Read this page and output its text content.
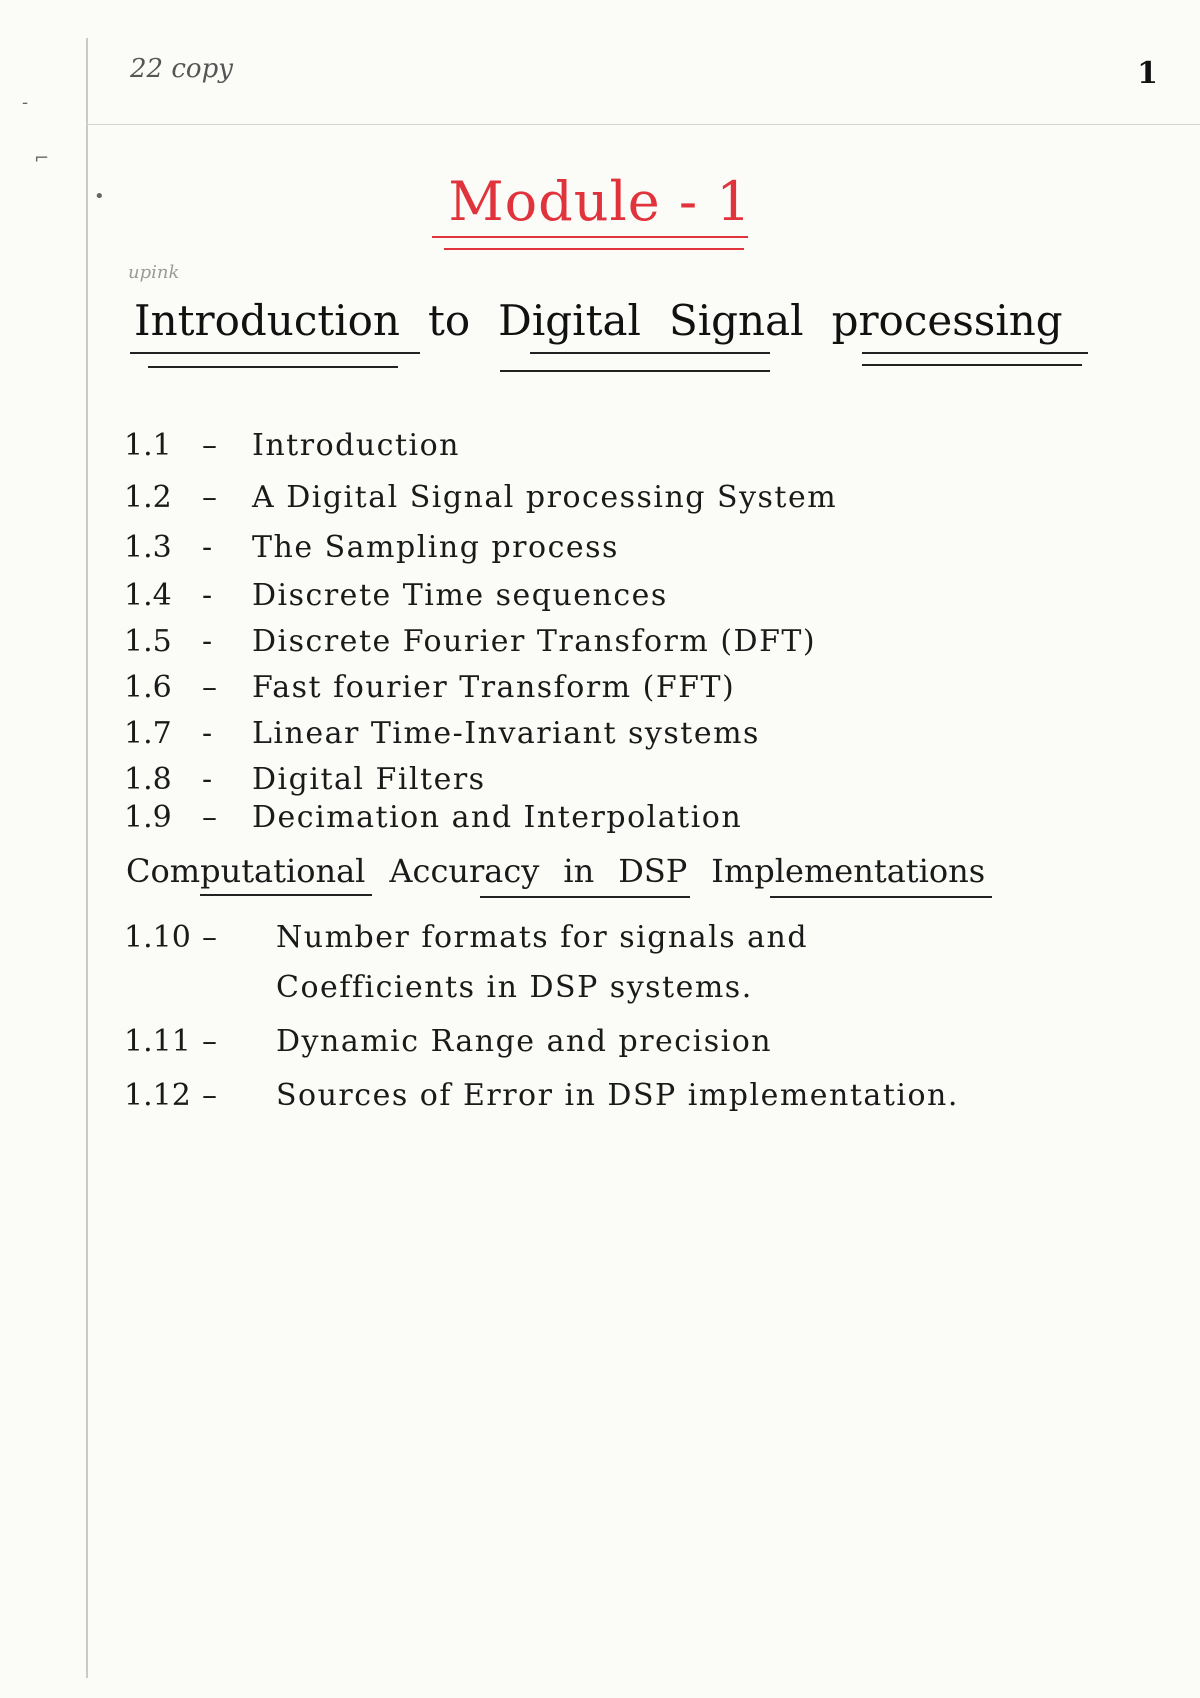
-
⌐
•
22 copy	1
Module - 1
upink
Introduction to Digital Signal processing
1.1 – Introduction
1.2 – A Digital Signal processing System
1.3 - The Sampling process
1.4 - Discrete Time sequences
1.5 - Discrete Fourier Transform (DFT)
1.6 – Fast fourier Transform (FFT)
1.7 - Linear Time-Invariant systems
1.8 - Digital Filters
1.9 – Decimation and Interpolation
Computational Accuracy in DSP Implementations
1.10 – Number formats for signals and
Coefficients in DSP systems.
1.11 – Dynamic Range and precision
1.12 – Sources of Error in DSP implementation.
